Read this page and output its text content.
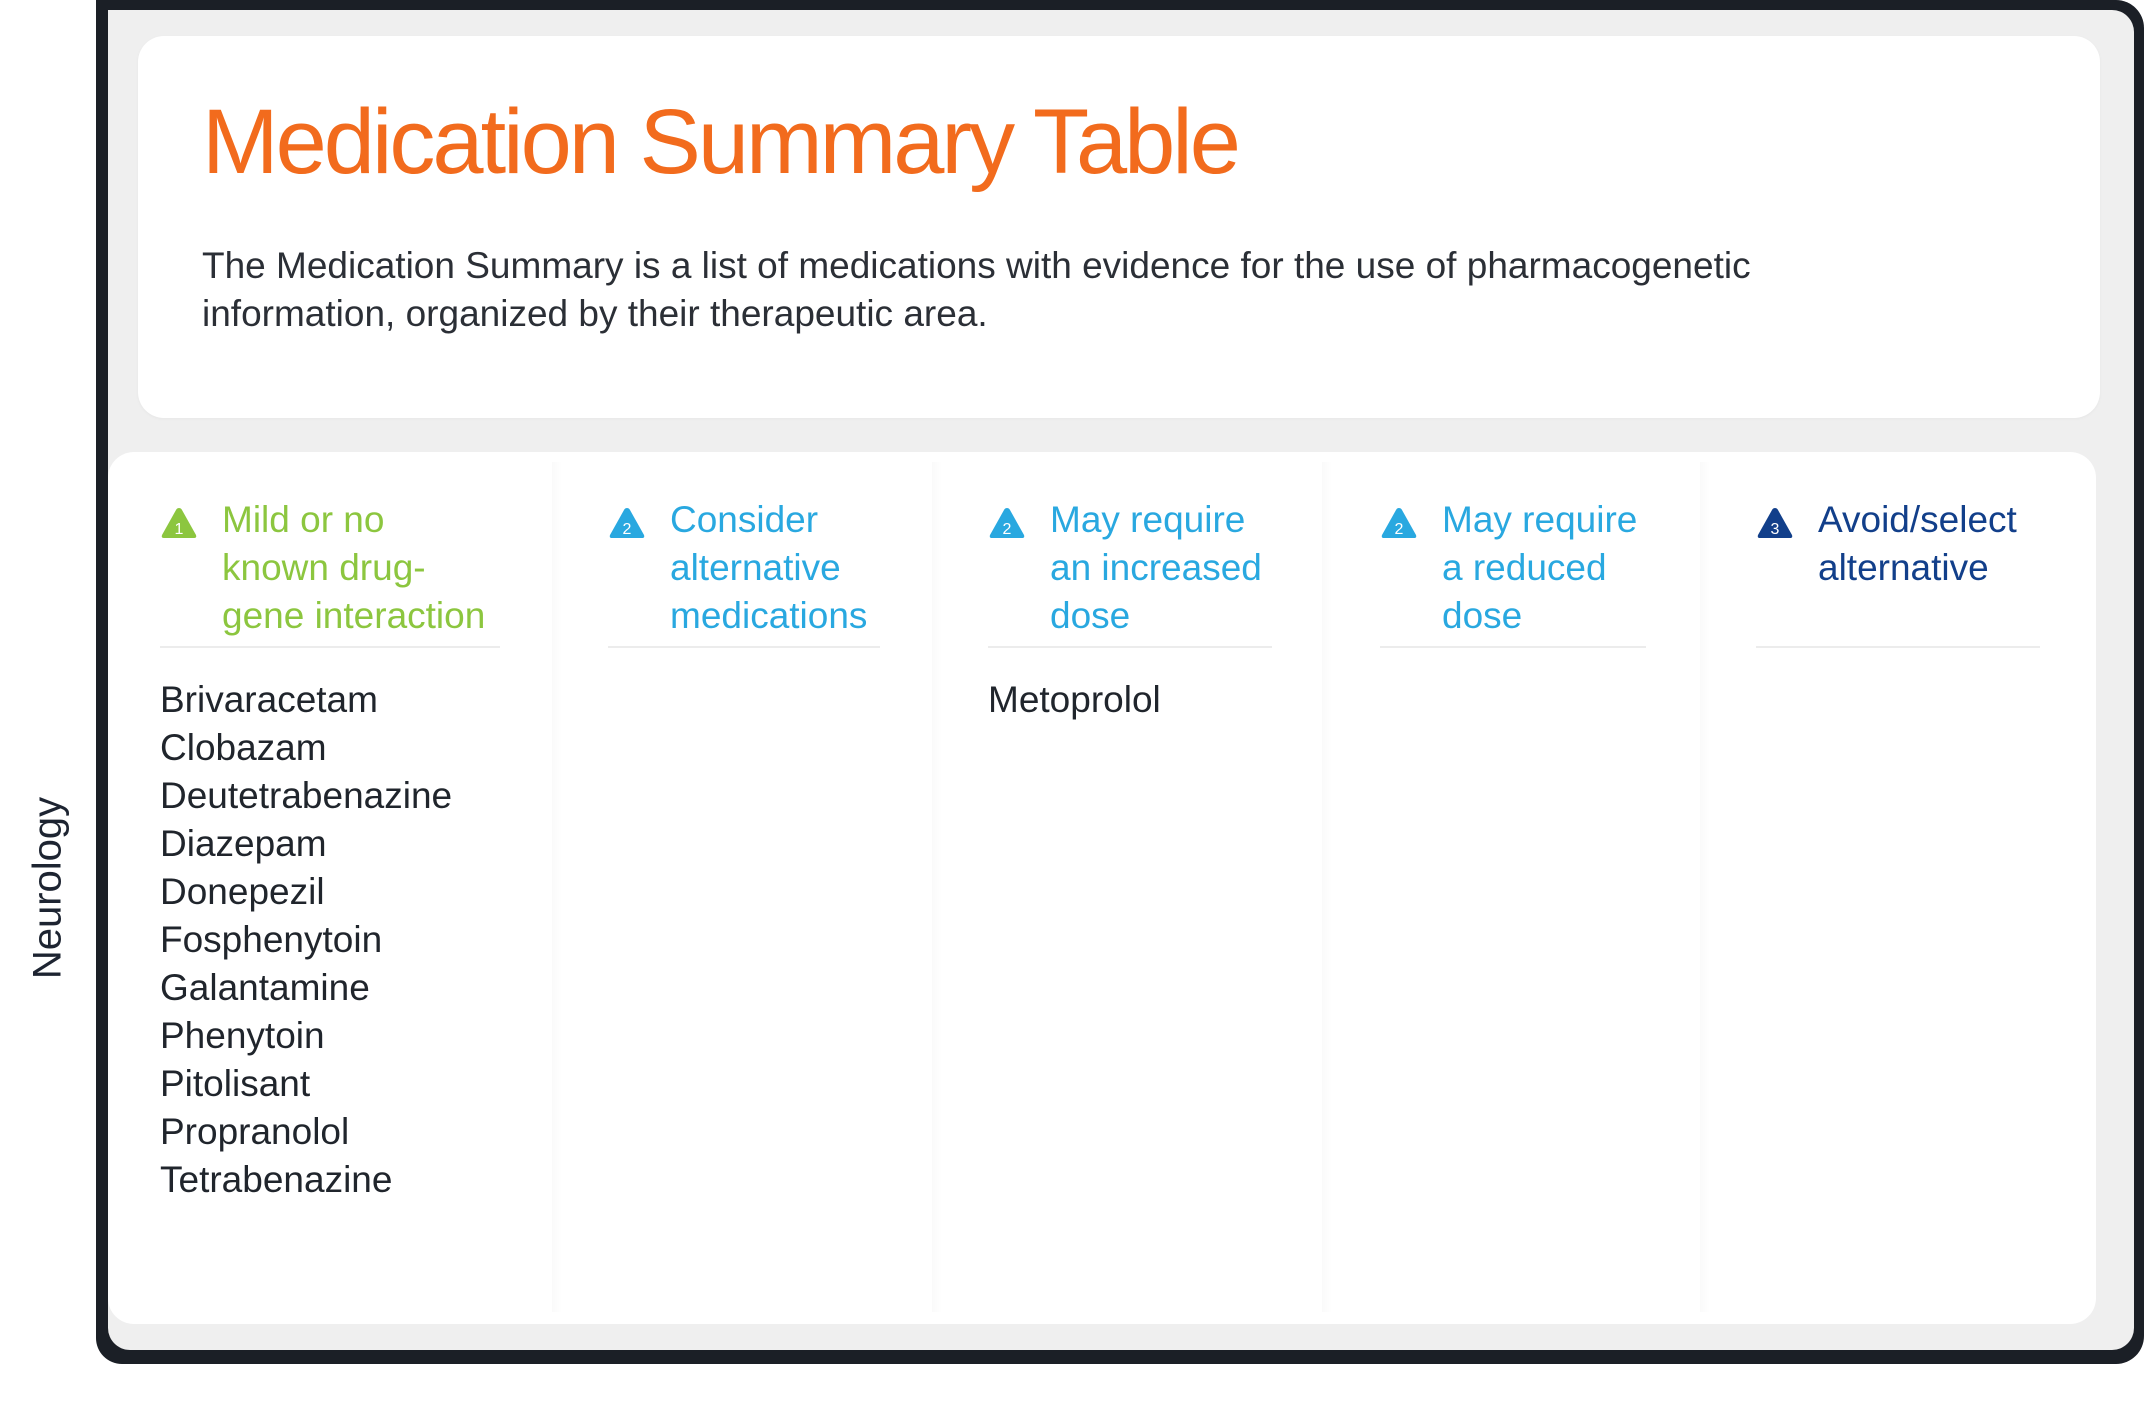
Medication Summary Table

The Medication Summary is a list of medications with evidence for the use of pharmacogenetic information, organized by their therapeutic area.

Neurology
1 Mild or no
known drug-
gene interaction

Brivaracetam
Clobazam
Deutetrabenazine
Diazepam
Donepezil
Fosphenytoin
Galantamine
Phenytoin
Pitolisant
Propranolol
Tetrabenazine
2 Consider
alternative
medications

2 May require
an increased
dose

Metoprolol
2 May require
a reduced
dose

3 Avoid/select
alternative
